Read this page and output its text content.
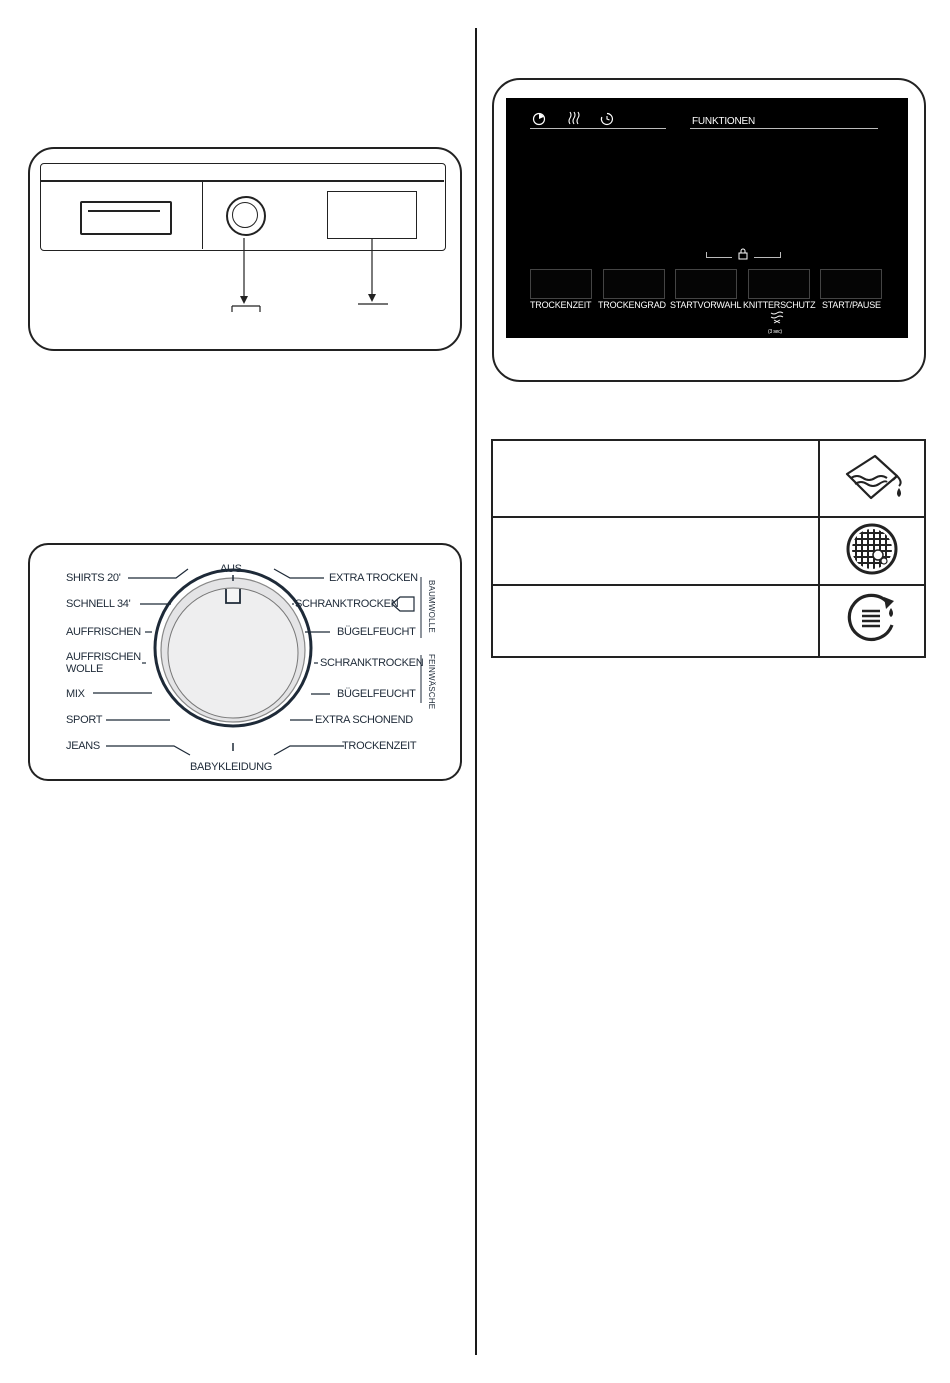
FUNKTIONEN
TROCKENZEIT TROCKENGRAD STARTVORWAHL KNITTERSCHUTZ START/PAUSE
(3 sec)

AUS
BABYKLEIDUNG
SHIRTS 20'
SCHNELL 34'
AUFFRISCHEN
AUFFRISCHEN
WOLLE
MIX
SPORT
JEANS
EXTRA TROCKEN
SCHRANKTROCKEN
BÜGELFEUCHT
SCHRANKTROCKEN
BÜGELFEUCHT
EXTRA SCHONEND
TROCKENZEIT
BAUMWOLLE
FEINWÄSCHE
